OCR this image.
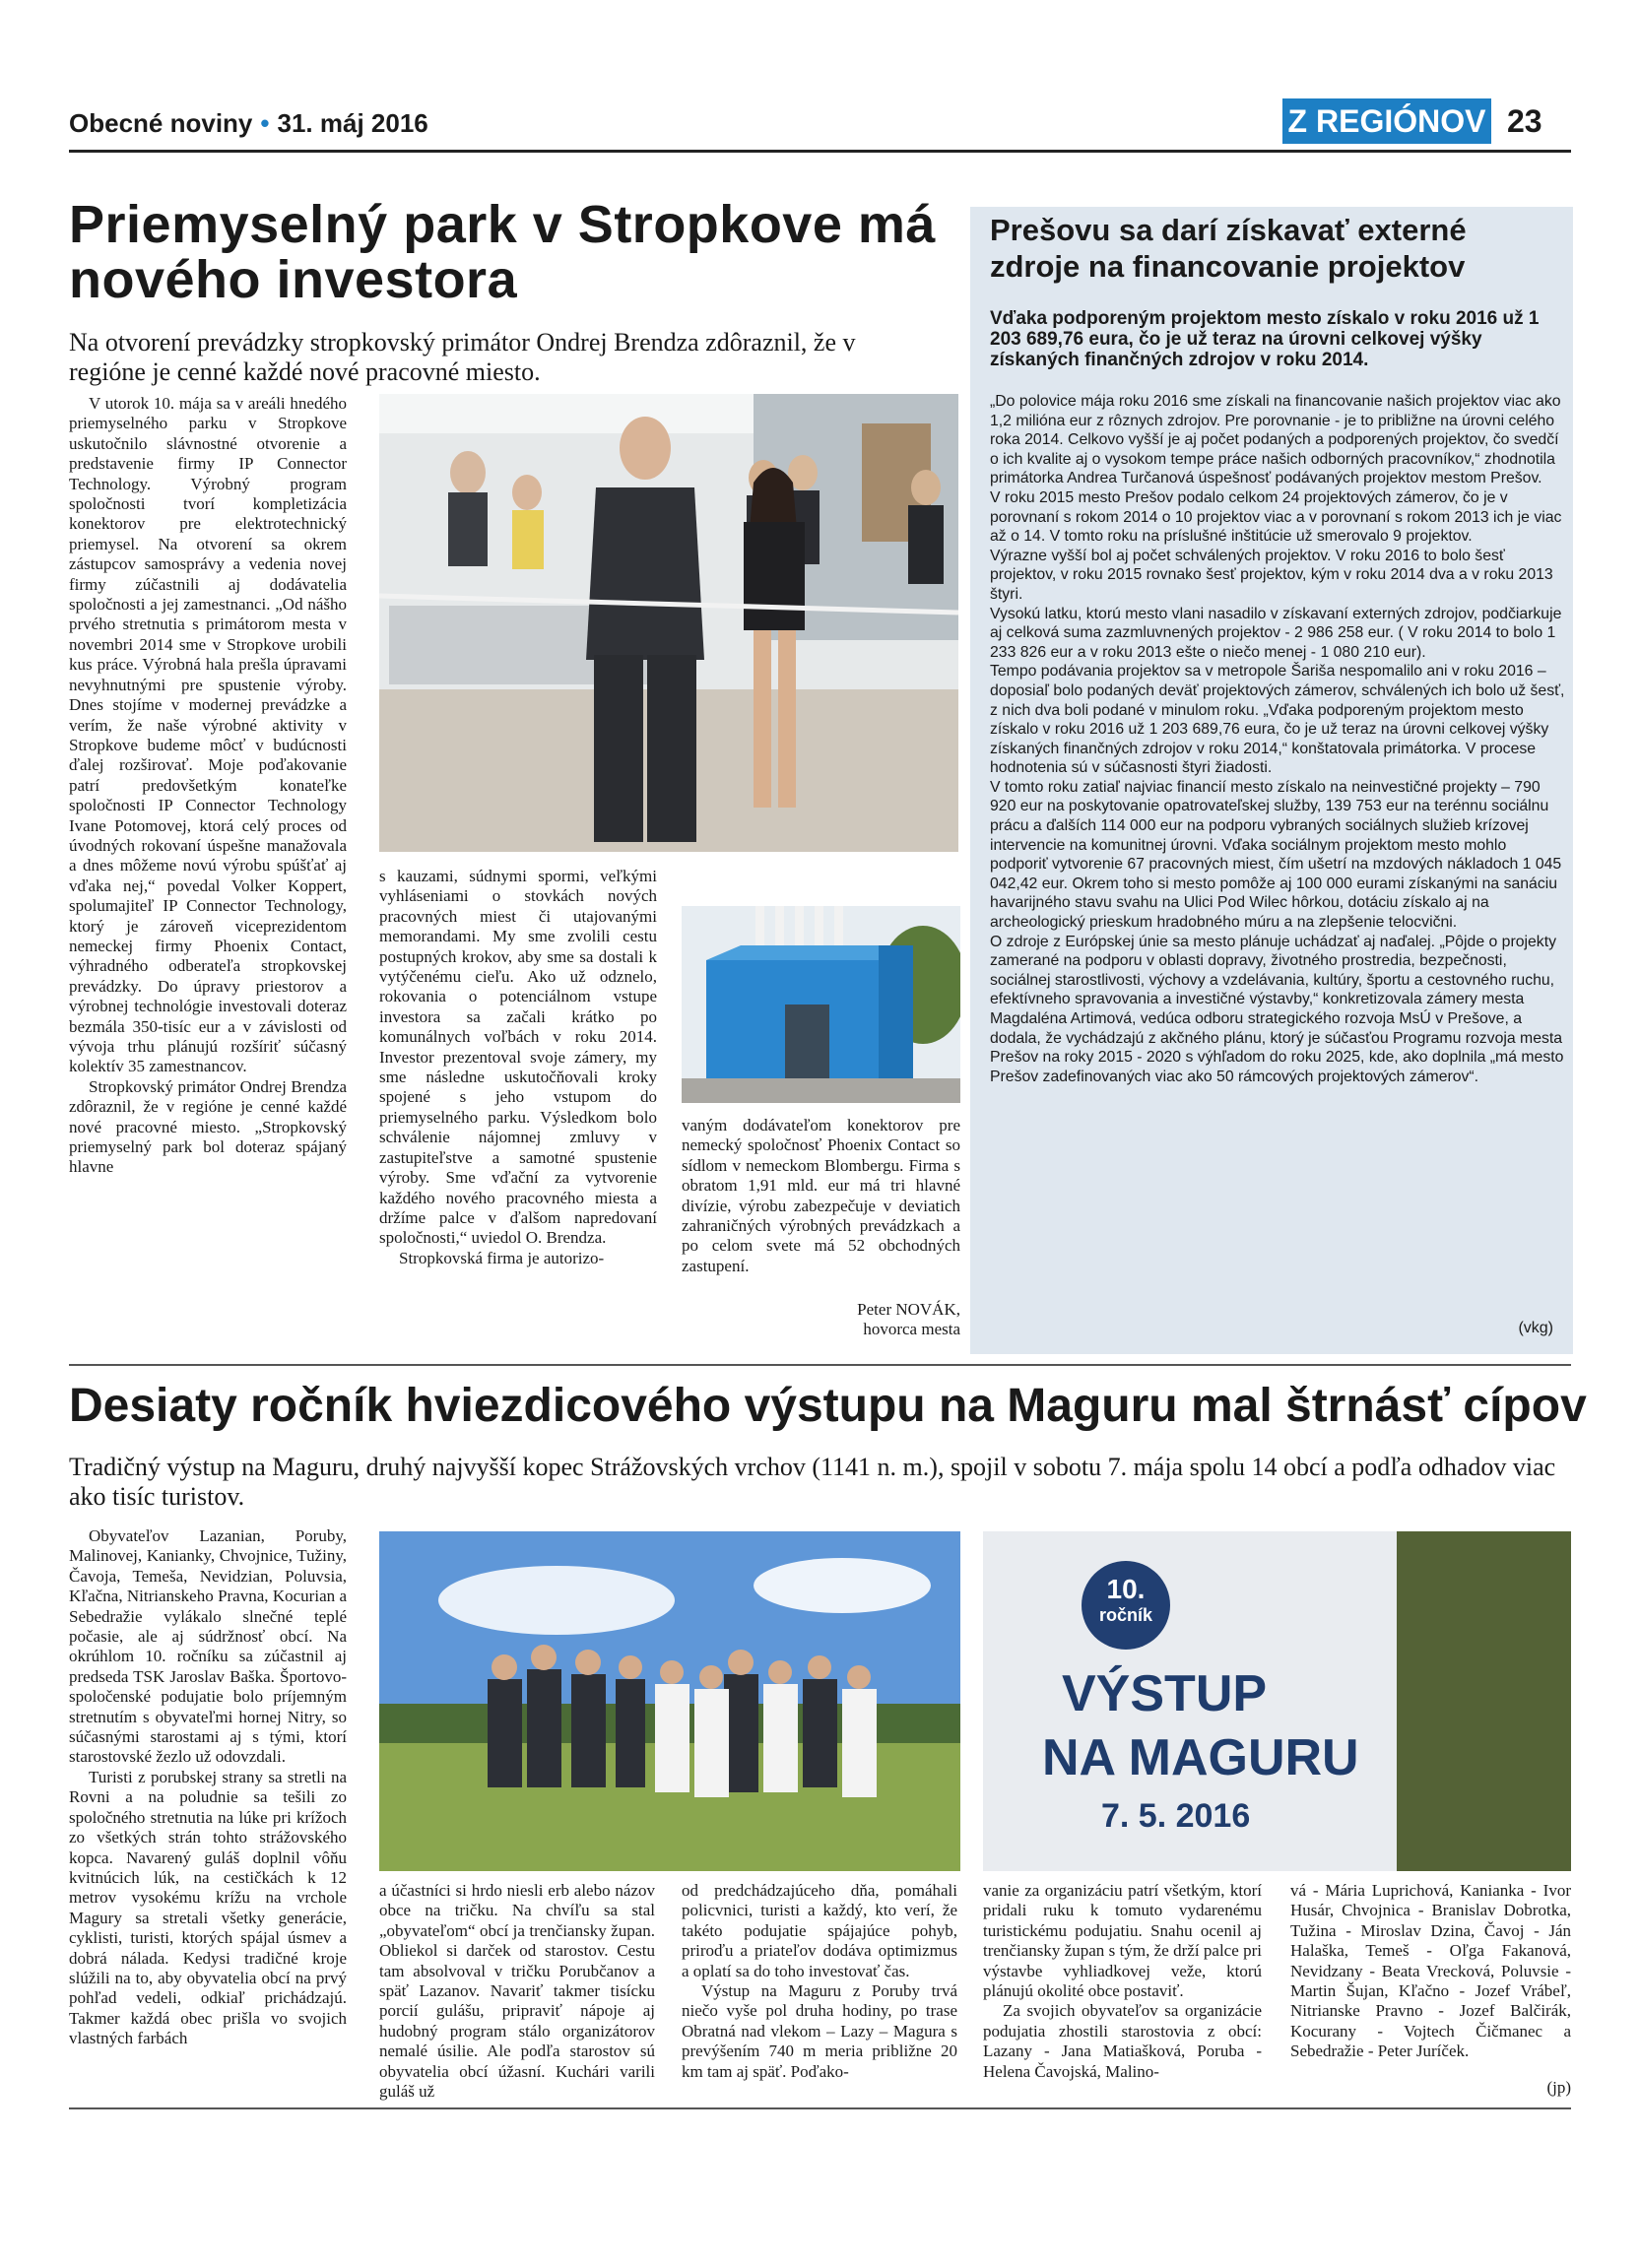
Obecné noviny • 31. máj 2016	Z REGIÓNOV 23
Priemyselný park v Stropkove má nového investora
Na otvorení prevádzky stropkovský primátor Ondrej Brendza zdôraznil, že v regióne je cenné každé nové pracovné miesto.

V utorok 10. mája sa v areáli hnedého priemyselného parku v Stropkove uskutočnilo slávnostné otvorenie a predstavenie firmy IP Connector Technology. Výrobný program spoločnosti tvorí kompletizácia konektorov pre elektrotechnický priemysel. Na otvorení sa okrem zástupcov samosprávy a vedenia novej firmy zúčastnili aj dodávatelia spoločnosti a jej zamestnanci. „Od nášho prvého stretnutia s primátorom mesta v novembri 2014 sme v Stropkove urobili kus práce. Výrobná hala prešla úpravami nevyhnutnými pre spustenie výroby. Dnes stojíme v modernej prevádzke a verím, že naše výrobné aktivity v Stropkove budeme môcť v budúcnosti ďalej rozširovať. Moje poďakovanie patrí predovšetkým konateľke spoločnosti IP Connector Technology Ivane Potomovej, ktorá celý proces od úvodných rokovaní úspešne manažovala a dnes môžeme novú výrobu spúšťať aj vďaka nej,“ povedal Volker Koppert, spolumajiteľ IP Connector Technology, ktorý je zároveň viceprezidentom nemeckej firmy Phoenix Contact, výhradného odberateľa stropkovskej prevádzky. Do úpravy priestorov a výrobnej technológie investovali doteraz bezmála 350-tisíc eur a v závislosti od vývoja trhu plánujú rozšíriť súčasný kolektív 35 zamestnancov.

Stropkovský primátor Ondrej Brendza zdôraznil, že v regióne je cenné každé nové pracovné miesto. „Stropkovský priemyselný park bol doteraz spájaný hlavne

s kauzami, súdnymi spormi, veľkými vyhláseniami o stovkách nových pracovných miest či utajovanými memorandami. My sme zvolili cestu postupných krokov, aby sme sa dostali k vytýčenému cieľu. Ako už odznelo, rokovania o potenciálnom vstupe investora sa začali krátko po komunálnych voľbách v roku 2014. Investor prezentoval svoje zámery, my sme následne uskutočňovali kroky spojené s jeho vstupom do priemyselného parku. Výsledkom bolo schválenie nájomnej zmluvy v zastupiteľstve a samotné spustenie výroby. Sme vďační za vytvorenie každého nového pracovného miesta a držíme palce v ďalšom napredovaní spoločnosti,“ uviedol O. Brendza.

Stropkovská firma je autorizo-

vaným dodávateľom konektorov pre nemecký spoločnosť Phoenix Contact so sídlom v nemeckom Blombergu. Firma s obratom 1,91 mld. eur má tri hlavné divízie, výrobu zabezpečuje v deviatich zahraničných výrobných prevádzkach a po celom svete má 52 obchodných zastupení.

Peter NOVÁK,
hovorca mesta
Prešovu sa darí získavať externé zdroje na financovanie projektov
Vďaka podporeným projektom mesto získalo v roku 2016 už 1 203 689,76 eura, čo je už teraz na úrovni celkovej výšky získaných finančných zdrojov v roku 2014.

„Do polovice mája roku 2016 sme získali na financovanie našich projektov viac ako 1,2 milióna eur z rôznych zdrojov. Pre porovnanie - je to približne na úrovni celého roka 2014. Celkovo vyšší je aj počet podaných a podporených projektov, čo svedčí o ich kvalite aj o vysokom tempe práce našich odborných pracovníkov,“ zhodnotila primátorka Andrea Turčanová úspešnosť podávaných projektov mestom Prešov.

V roku 2015 mesto Prešov podalo celkom 24 projektových zámerov, čo je v porovnaní s rokom 2014 o 10 projektov viac a v porovnaní s rokom 2013 ich je viac až o 14. V tomto roku na príslušné inštitúcie už smerovalo 9 projektov.

Výrazne vyšší bol aj počet schválených projektov. V roku 2016 to bolo šesť projektov, v roku 2015 rovnako šesť projektov, kým v roku 2014 dva a v roku 2013 štyri.

Vysokú latku, ktorú mesto vlani nasadilo v získavaní externých zdrojov, podčiarkuje aj celková suma zazmluvnených projektov - 2 986 258 eur. ( V roku 2014 to bolo 1 233 826 eur a v roku 2013 ešte o niečo menej - 1 080 210 eur).

Tempo podávania projektov sa v metropole Šariša nespomalilo ani v roku 2016 – doposiaľ bolo podaných deväť projektových zámerov, schválených ich bolo už šesť, z nich dva boli podané v minulom roku. „Vďaka podporeným projektom mesto získalo v roku 2016 už 1 203 689,76 eura, čo je už teraz na úrovni celkovej výšky získaných finančných zdrojov v roku 2014,“ konštatovala primátorka. V procese hodnotenia sú v súčasnosti štyri žiadosti.

V tomto roku zatiaľ najviac financií mesto získalo na neinvestičné projekty – 790 920 eur na poskytovanie opatrovateľskej služby, 139 753 eur na terénnu sociálnu prácu a ďalších 114 000 eur na podporu vybraných sociálnych služieb krízovej intervencie na komunitnej úrovni. Vďaka sociálnym projektom mesto mohlo podporiť vytvorenie 67 pracovných miest, čím ušetrí na mzdových nákladoch 1 045 042,42 eur. Okrem toho si mesto pomôže aj 100 000 eurami získanými na sanáciu havarijného stavu svahu na Ulici Pod Wilec hôrkou, dotáciu získalo aj na archeologický prieskum hradobného múru a na zlepšenie telocvični.

O zdroje z Európskej únie sa mesto plánuje uchádzať aj naďalej. „Pôjde o projekty zamerané na podporu v oblasti dopravy, životného prostredia, bezpečnosti, sociálnej starostlivosti, výchovy a vzdelávania, kultúry, športu a cestovného ruchu, efektívneho spravovania a investičné výstavby,“ konkretizovala zámery mesta Magdaléna Artimová, vedúca odboru strategického rozvoja MsÚ v Prešove, a dodala, že vychádzajú z akčného plánu, ktorý je súčasťou Programu rozvoja mesta Prešov na roky 2015 - 2020 s výhľadom do roku 2025, kde, ako doplnila „má mesto Prešov zadefinovaných viac ako 50 rámcových projektových zámerov“.

(vkg)
Desiaty ročník hviezdicového výstupu na Maguru mal štrnásť cípov
Tradičný výstup na Maguru, druhý najvyšší kopec Strážovských vrchov (1141 n. m.), spojil v sobotu 7. mája spolu 14 obcí a podľa odhadov viac ako tisíc turistov.

Obyvateľov Lazanian, Poruby, Malinovej, Kanianky, Chvojnice, Tužiny, Čavoja, Temeša, Nevidzian, Poluvsia, Kľačna, Nitrianskeho Pravna, Kocurian a Sebedražie vylákalo slnečné teplé počasie, ale aj súdržnosť obcí. Na okrúhlom 10. ročníku sa zúčastnil aj predseda TSK Jaroslav Baška. Športovo-spoločenské podujatie bolo príjemným stretnutím s obyvateľmi hornej Nitry, so súčasnými starostami aj s tými, ktorí starostovské žezlo už odovzdali.

Turisti z porubskej strany sa stretli na Rovni a na poludnie sa tešili zo spoločného stretnutia na lúke pri krížoch zo všetkých strán tohto strážovského kopca. Navarený guláš doplnil vôňu kvitnúcich lúk, na cestičkách k 12 metrov vysokému krížu na vrchole Magury sa stretali všetky generácie, cyklisti, turisti, ktorých spájal úsmev a dobrá nálada. Kedysi tradičné kroje slúžili na to, aby obyvatelia obcí na prvý pohľad vedeli, odkiaľ prichádzajú. Takmer každá obec prišla vo svojich vlastných farbách

10.
ročník
VÝSTUP
NA MAGURU
7. 5. 2016

a účastníci si hrdo niesli erb alebo názov obce na tričku. Na chvíľu sa stal „obyvateľom“ obcí ja trenčiansky župan. Obliekol si darček od starostov. Cestu tam absolvoval v tričku Porubčanov a späť Lazanov. Navariť takmer tisícku porcií gulášu, pripraviť nápoje aj hudobný program stálo organizátorov nemalé úsilie. Ale podľa starostov sú obyvatelia obcí úžasní. Kuchári varili guláš už

od predchádzajúceho dňa, pomáhali policvnici, turisti a každý, kto verí, že takéto podujatie spájajúce pohyb, priroďu a priateľov dodáva optimizmus a oplatí sa do toho investovať čas.

Výstup na Maguru z Poruby trvá niečo vyše pol druha hodiny, po trase Obratná nad vlekom – Lazy – Magura s prevýšením 740 m meria približne 20 km tam aj späť. Poďako-

vanie za organizáciu patrí všetkým, ktorí pridali ruku k tomuto vydarenému turistickému podujatiu. Snahu ocenil aj trenčiansky župan s tým, že drží palce pri výstavbe vyhliadkovej veže, ktorú plánujú okolité obce postaviť.

Za svojich obyvateľov sa organizácie podujatia zhostili starostovia z obcí: Lazany - Jana Matiašková, Poruba - Helena Čavojská, Malino-

vá - Mária Luprichová, Kanianka - Ivor Husár, Chvojnica - Branislav Dobrotka, Tužina - Miroslav Dzina, Čavoj - Ján Halaška, Temeš - Oľga Fakanová, Nevidzany - Beata Vrecková, Poluvsie - Martin Šujan, Kľačno - Jozef Vrábeľ, Nitrianske Pravno - Jozef Balčirák, Kocurany - Vojtech Čičmanec a Sebedražie - Peter Juríček.

(jp)
